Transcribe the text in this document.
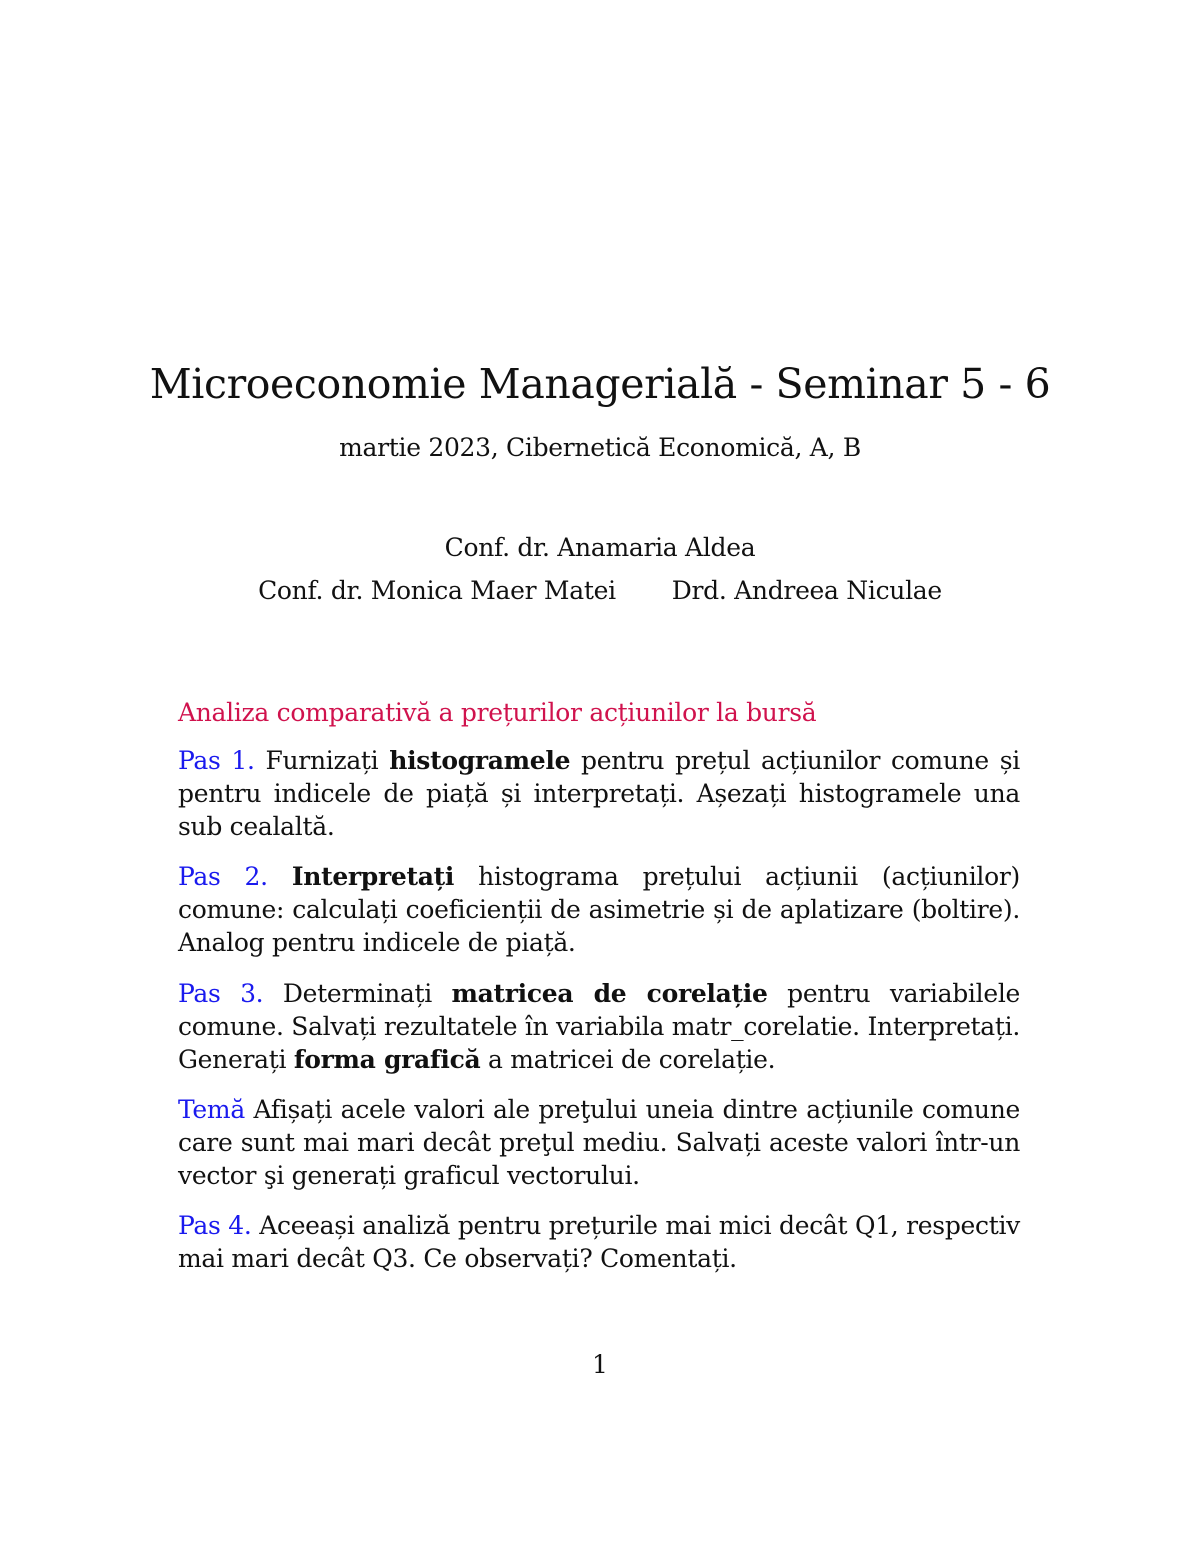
Microeconomie Managerială - Seminar 5 - 6
martie 2023, Cibernetică Economică, A, B
Conf. dr. Anamaria Aldea
Conf. dr. Monica Maer Matei Drd. Andreea Niculae
Analiza comparativă a prețurilor acțiunilor la bursă
Pas 1. Furnizați histogramele pentru prețul acțiunilor comune și pentru indicele de piață și interpretați. Așezați histogramele una sub cealaltă.
Pas 2. Interpretați histograma prețului acțiunii (acțiunilor) comune: calculați coeficienții de asimetrie și de aplatizare (boltire). Analog pentru indicele de piață.
Pas 3. Determinați matricea de corelație pentru variabilele comune. Salvați rezultatele în variabila matr_corelatie. Interpretați. Generați forma grafică a matricei de corelație.
Temă Afișați acele valori ale preţului uneia dintre acțiunile comune care sunt mai mari decât preţul mediu. Salvați aceste valori într-un vector şi generați graficul vectorului.
Pas 4. Aceeași analiză pentru prețurile mai mici decât Q1, respectiv mai mari decât Q3. Ce observați? Comentați.
1
